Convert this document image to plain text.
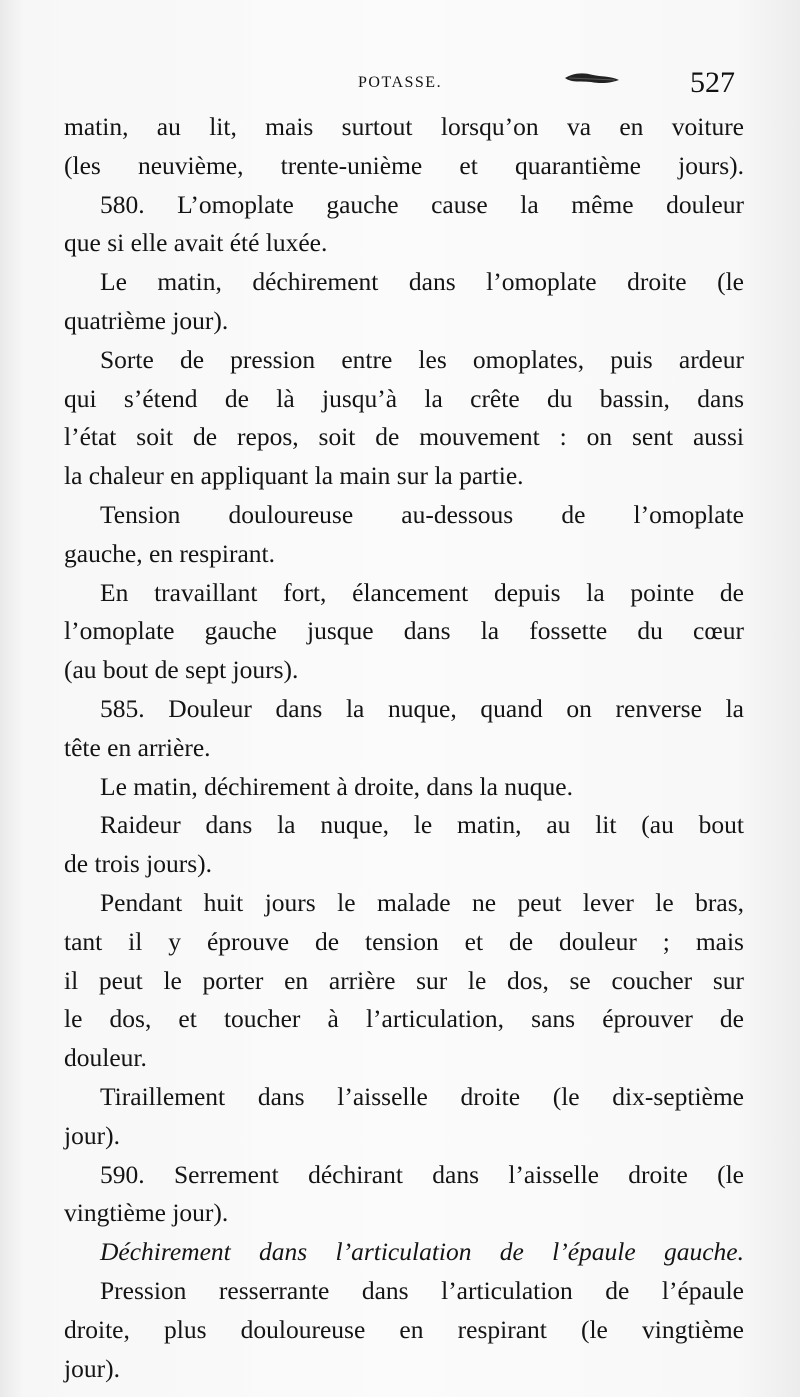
POTASSE.	527
matin, au lit, mais surtout lorsqu’on va en voiture
(les neuvième, trente-unième et quarantième jours).
580. L’omoplate gauche cause la même douleur
que si elle avait été luxée.
Le matin, déchirement dans l’omoplate droite (le
quatrième jour).
Sorte de pression entre les omoplates, puis ardeur
qui s’étend de là jusqu’à la crête du bassin, dans
l’état soit de repos, soit de mouvement : on sent aussi
la chaleur en appliquant la main sur la partie.
Tension douloureuse au-dessous de l’omoplate
gauche, en respirant.
En travaillant fort, élancement depuis la pointe de
l’omoplate gauche jusque dans la fossette du cœur
(au bout de sept jours).
585. Douleur dans la nuque, quand on renverse la
tête en arrière.
Le matin, déchirement à droite, dans la nuque.
Raideur dans la nuque, le matin, au lit (au bout
de trois jours).
Pendant huit jours le malade ne peut lever le bras,
tant il y éprouve de tension et de douleur ; mais
il peut le porter en arrière sur le dos, se coucher sur
le dos, et toucher à l’articulation, sans éprouver de
douleur.
Tiraillement dans l’aisselle droite (le dix-septième
jour).
590. Serrement déchirant dans l’aisselle droite (le
vingtième jour).
Déchirement dans l’articulation de l’épaule gauche.
Pression resserrante dans l’articulation de l’épaule
droite, plus douloureuse en respirant (le vingtième
jour).
